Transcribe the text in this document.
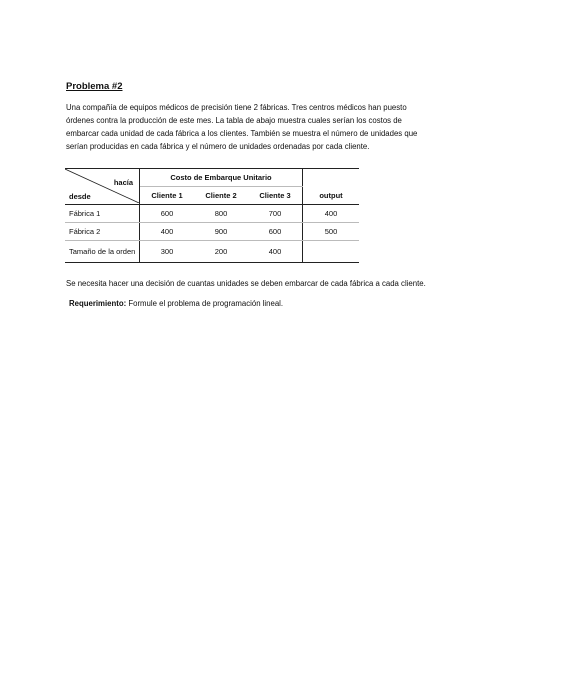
Problema #2
Una compañía de equipos médicos de precisión tiene 2 fábricas. Tres centros médicos han puesto
órdenes contra la producción de este mes. La tabla de abajo muestra cuales serían los costos de
embarcar cada unidad de cada fábrica a los clientes. También se muestra el número de unidades que
serían producidas en cada fábrica y el número de unidades ordenadas por cada cliente.
hacía
desde	Costo de Embarque Unitario			
	Cliente 1	Cliente 2	Cliente 3	output
Fábrica 1	600	800	700	400
Fábrica 2	400	900	600	500
Tamaño de la orden	300	200	400	
Se necesita hacer una decisión de cuantas unidades se deben embarcar de cada fábrica a cada cliente.
Requerimiento: Formule el problema de programación lineal.
